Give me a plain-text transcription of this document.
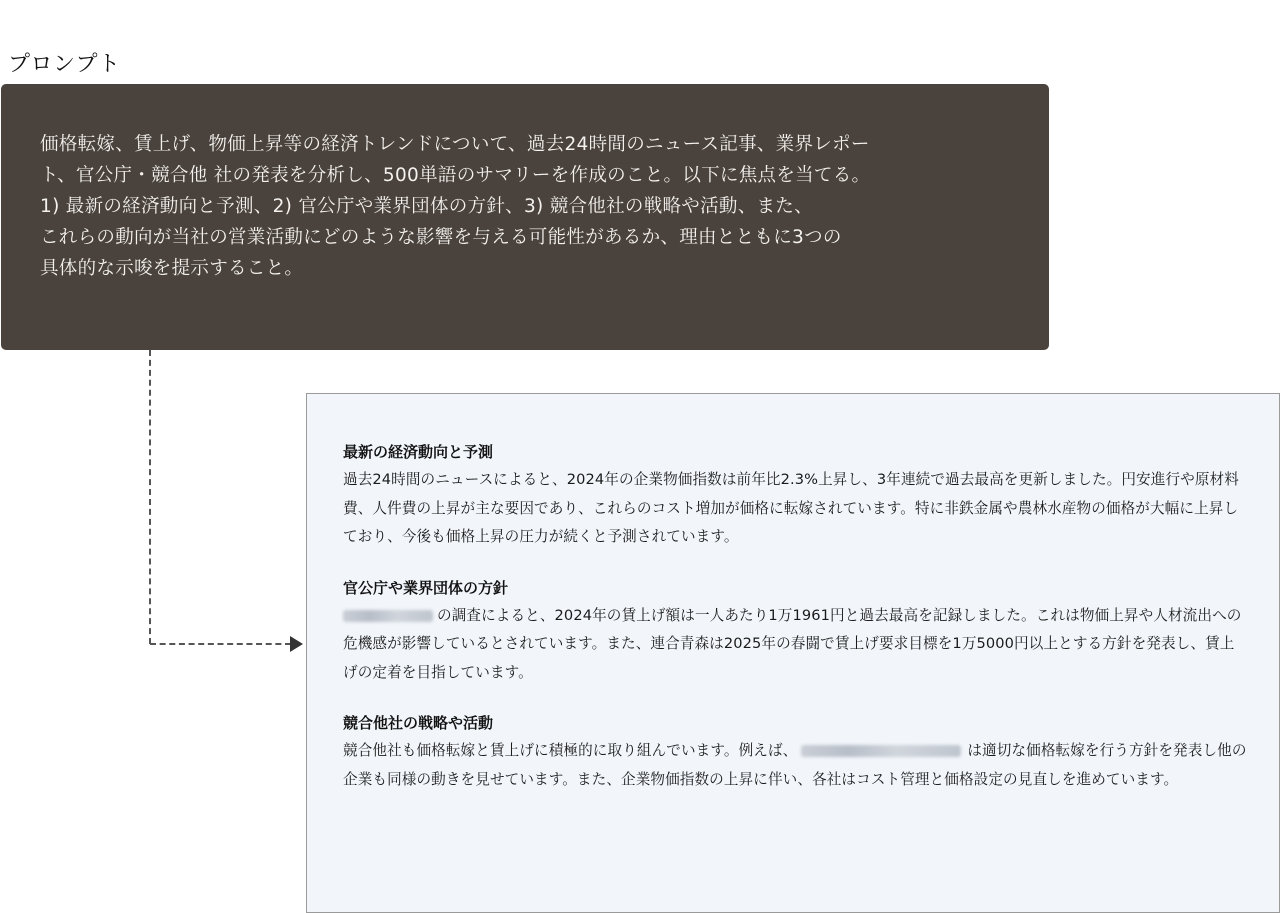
プロンプト

価格転嫁、賃上げ、物価上昇等の経済トレンドについて、過去24時間のニュース記事、業界レポー
ト、官公庁・競合他 社の発表を分析し、500単語のサマリーを作成のこと。以下に焦点を当てる。
1) 最新の経済動向と予測、2) 官公庁や業界団体の方針、3) 競合他社の戦略や活動、また、
これらの動向が当社の営業活動にどのような影響を与える可能性があるか、理由とともに3つの
具体的な示唆を提示すること。

最新の経済動向と予測

過去24時間のニュースによると、2024年の企業物価指数は前年比2.3%上昇し、3年連続で過去最高を更新しました。円安進行や原材料費、人件費の上昇が主な要因であり、これらのコスト増加が価格に転嫁されています。特に非鉄金属や農林水産物の価格が大幅に上昇しており、今後も価格上昇の圧力が続くと予測されています。

官公庁や業界団体の方針

の調査によると、2024年の賃上げ額は一人あたり1万1961円と過去最高を記録しました。これは物価上昇や人材流出への危機感が影響しているとされています。また、連合青森は2025年の春闘で賃上げ要求目標を1万5000円以上とする方針を発表し、賃上げの定着を目指しています。

競合他社の戦略や活動

競合他社も価格転嫁と賃上げに積極的に取り組んでいます。例えば、	は適切な価格転嫁を行う方針を発表し他の企業も同様の動きを見せています。また、企業物価指数の上昇に伴い、各社はコスト管理と価格設定の見直しを進めています。
